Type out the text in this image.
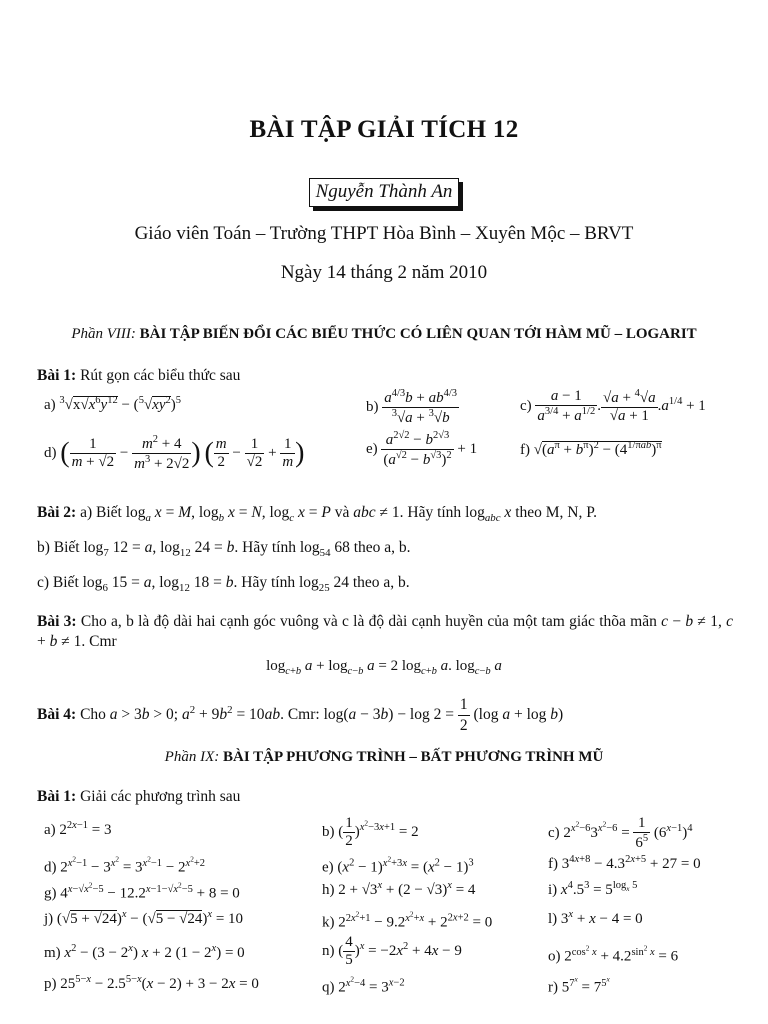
BÀI TẬP GIẢI TÍCH 12
Nguyễn Thành An
Giáo viên Toán – Trường THPT Hòa Bình – Xuyên Mộc – BRVT
Ngày 14 tháng 2 năm 2010
Phần VIII: BÀI TẬP BIẾN ĐỔI CÁC BIỂU THỨC CÓ LIÊN QUAN TỚI HÀM MŨ – LOGARIT
Bài 1: Rút gọn các biểu thức sau
a) $^3√x√x^6y^{12} - (^5√xy^2)^5$	$b) \frac{a^{4/3}b + ab^{4/3}}{^3√a + ^3√b}$	$c) \frac{a - 1}{a^{3/4} + a^{1/2}}$ . $\frac{√a + ^4√a}{√a + 1} .a^{1/4} + 1$
d) ( $\frac{1}{m + √2} - \frac{m^2 + 4}{m^3 + 2√2}$ ) ( $\frac{m}{2} - \frac{1}{√2} + \frac{1}{m}$ )	$e) \frac{a^{2√2} - b^{2√3}}{(a^{√2} - b^{√3})^2} + 1$	f) $√(a^\pi + b^\pi)^2 - (4^{1/\pi ab})^\pi$
Bài 2: a) Biết $\log_a x = M$, $\log_b x = N$, $\log_c x = P$ và abc ≠ 1. Hãy tính $\log_{abc} x$ theo M, N, P.
b) Biết $\log_7 12 = a$, $\log_{12} 24 = b$. Hãy tính $\log_{54} 68$ theo a, b.
c) Biết $\log_6 15 = a$, $\log_{12} 18 = b$. Hãy tính $\log_{25} 24$ theo a, b.
Bài 3: Cho a, b là độ dài hai cạnh góc vuông và c là độ dài cạnh huyền của một tam giác thõa mãn c − b ≠ 1, c + b ≠ 1. Cmr
$\log_{c+b} a + \log_{c-b} a = 2$ $\log_{c+b} a$. $\log_{c-b} a$
Bài 4: Cho a > 3b > 0; $a^2 + 9b^2 = 10ab$. Cmr: $\log(a - 3b) - \log 2 = \frac{1}{2} (\log$ a + log b)
Phần IX: BÀI TẬP PHƯƠNG TRÌNH – BẤT PHƯƠNG TRÌNH MŨ
Bài 1: Giải các phương trình sau
a) $2^{2x-1} = 3$	b) ( $\frac{1}{2} )^{x^2-3x+1} = 2$	c) $2^{x^2-6}3^{x^2-6} = \frac{1}{6^5} (6^{x-1})^4$
d) $2^{x^2-1} - 3^{x^2} = 3^{x^2-1} - 2^{x^2+2}$	e) $(x^2 - 1)^{x^2+3x} = (x^2 - 1)^3$	f) $3^{4x+8} - 4.3^{2x+5} + 27 = 0$
g) $4^{x-√x^2-5} - 12.2^{x-1-√x^2-5} + 8 = 0$	h) $2 + √3^x + (2 - √3)^x = 4$	i) $x^4.5^3 = 5^{log_x 5}$
j) $(√5 + √24)^x - (√5 - √24)^x = 10$	k) $2^{2x^2+1} - 9.2^{x^2+x} + 2^{2x+2} = 0$	l) $3^x + x - 4 = 0$
m) $x^2 - (3 - 2^x) x + 2$ $(1 - 2^x) = 0$	n) ( $\frac{4}{5} )^x = -2x^2 + 4x - 9$	o) $2^{cos^2 x} + 4.2^{sin^2 x} = 6$
p) $25^{5-x} - 2.5^{5-x}(x - 2) + 3 - 2x = 0$	q) $2^{x^2-4} = 3^{x-2}$	r) $5^{7^x} = 7^{5^x}$
